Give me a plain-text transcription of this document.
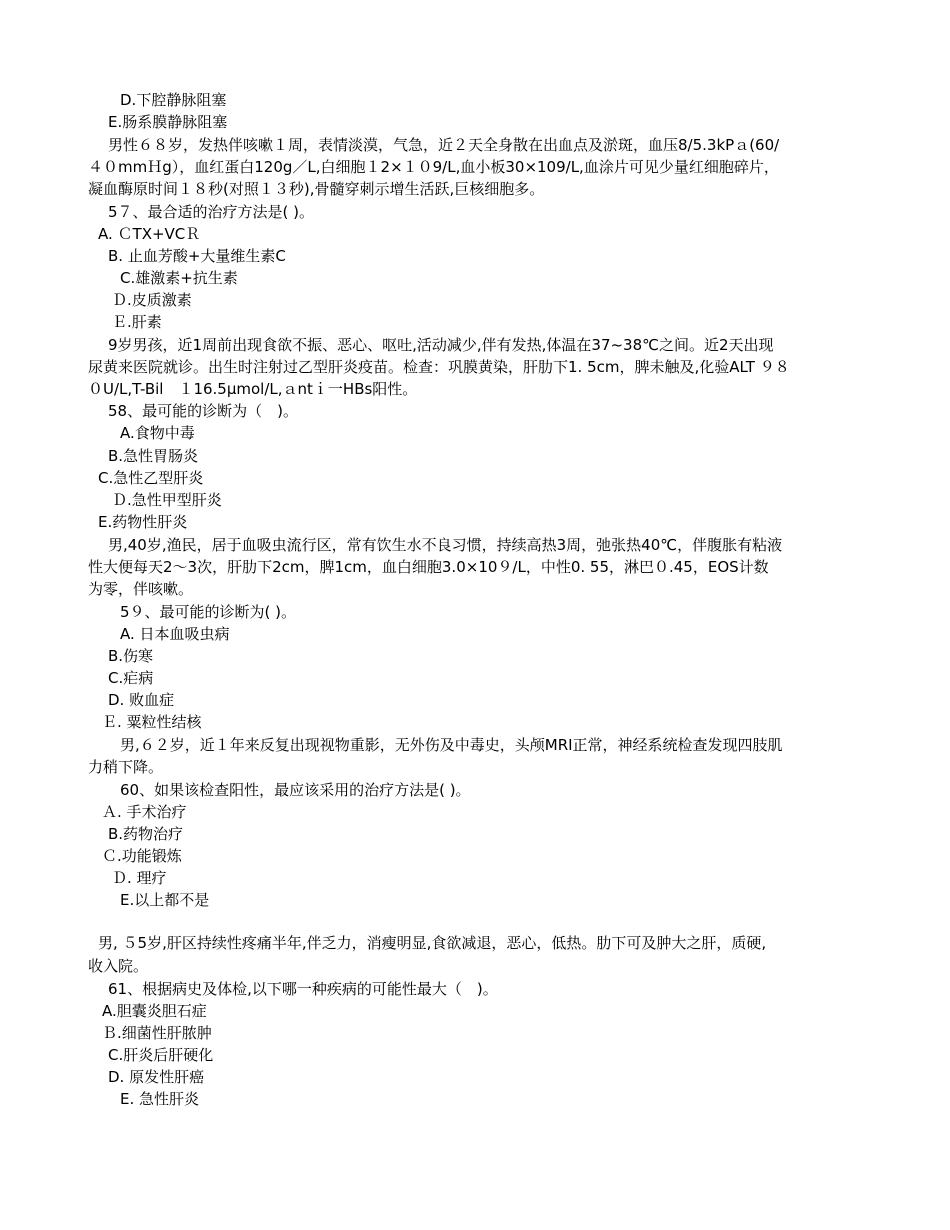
D.下腔静脉阻塞
E.肠系膜静脉阻塞
男性６８岁，发热伴咳嗽１周，表情淡漠，气急，近２天全身散在出血点及淤斑，血压8/5.3kPａ(60/
４０mmＨg），血红蛋白120g／L,白细胞１2×１０9/L,血小板30×109/L,血涂片可见少量红细胞碎片，
凝血酶原时间１８秒(对照１３秒),骨髓穿刺示增生活跃,巨核细胞多。
5７、最合适的治疗方法是( )。
A. ＣTX+VCＲ
B. 止血芳酸+大量维生素C
C.雄激素+抗生素
Ｄ.皮质激素
Ｅ.肝素
9岁男孩，近1周前出现食欲不振、恶心、呕吐,活动减少,伴有发热,体温在37~38℃之间。近2天出现
尿黄来医院就诊。出生时注射过乙型肝炎疫苗。检查：巩膜黄染，肝肋下1. 5cm，脾未触及,化验ALT ９８
０U/L,T-Bil　１16.5μmol/L,ａntｉ一HBs阳性。
58、最可能的诊断为（　)。
A.食物中毒
B.急性胃肠炎
C.急性乙型肝炎
Ｄ.急性甲型肝炎
E.药物性肝炎
男,40岁,渔民，居于血吸虫流行区，常有饮生水不良习惯，持续高热3周，弛张热40℃，伴腹胀有粘液
性大便每天2～3次，肝肋下2cm，脾1cm，血白细胞3.0×10９/L，中性0. 55，淋巴０.45，EOS计数
为零，伴咳嗽。
5９、最可能的诊断为( )。
A. 日本血吸虫病
B.伤寒
C.疟病
D. 败血症
Ｅ. 粟粒性结核
男,６２岁，近１年来反复出现视物重影，无外伤及中毒史，头颅MRI正常，神经系统检查发现四肢肌
力稍下降。
60、如果该检查阳性，最应该采用的治疗方法是( )。
Ａ. 手术治疗
B.药物治疗
Ｃ.功能锻炼
Ｄ. 理疗
E.以上都不是
男, ５5岁,肝区持续性疼痛半年,伴乏力，消瘦明显,食欲减退，恶心，低热。肋下可及肿大之肝，质硬,
收入院。
61、根据病史及体检,以下哪一种疾病的可能性最大（　)。
A.胆囊炎胆石症
Ｂ.细菌性肝脓肿
C.肝炎后肝硬化
D. 原发性肝癌
E. 急性肝炎
